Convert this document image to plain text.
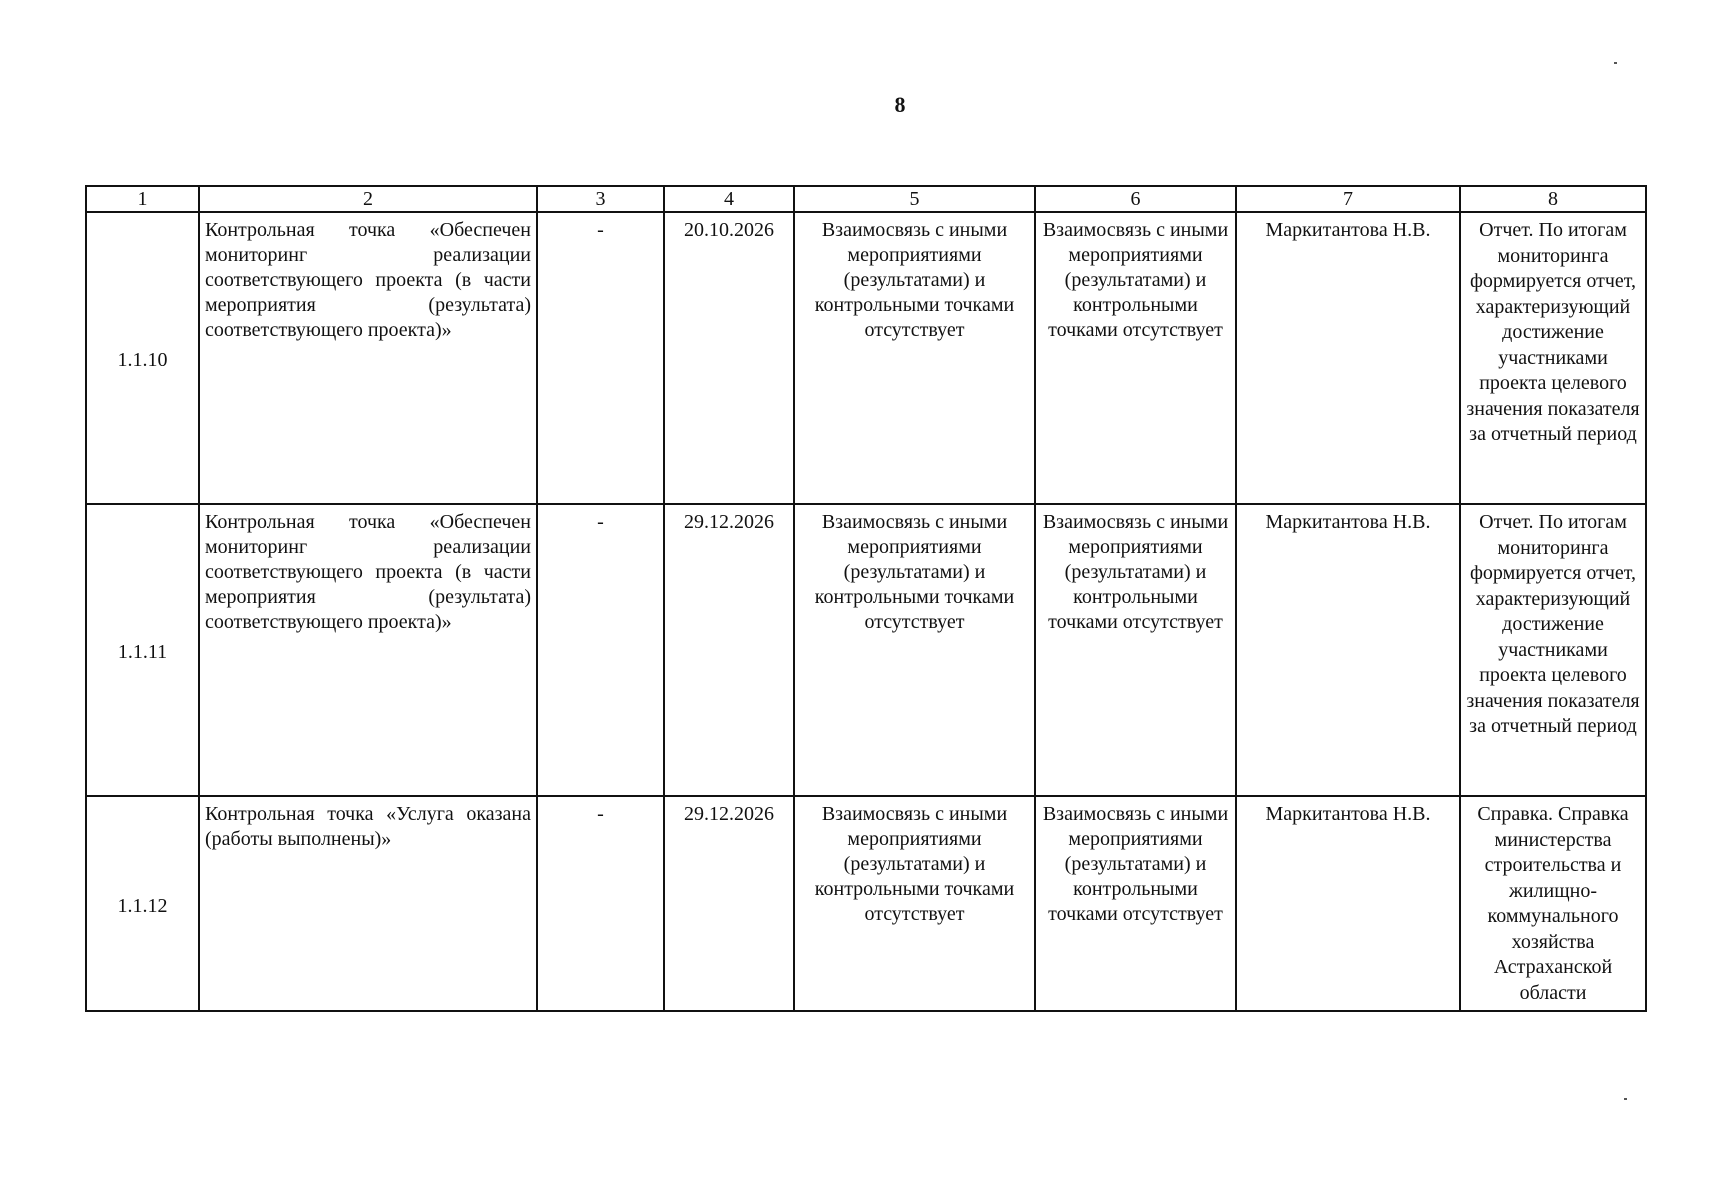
8
1	2	3	4	5	6	7	8
1.1.10	Контрольная точка «Обеспечен мониторинг реализации соответствующего проекта (в части мероприятия (результата) соответствующего проекта)»	-	20.10.2026	Взаимосвязь с иными мероприятиями (результатами) и контрольными точками отсутствует	Взаимосвязь с иными мероприятиями (результатами) и контрольными точками отсутствует	Маркитантова Н.В.	Отчет. По итогам мониторинга формируется отчет, характеризующий достижение участниками проекта целевого значения показателя за отчетный период
1.1.11	Контрольная точка «Обеспечен мониторинг реализации соответствующего проекта (в части мероприятия (результата) соответствующего проекта)»	-	29.12.2026	Взаимосвязь с иными мероприятиями (результатами) и контрольными точками отсутствует	Взаимосвязь с иными мероприятиями (результатами) и контрольными точками отсутствует	Маркитантова Н.В.	Отчет. По итогам мониторинга формируется отчет, характеризующий достижение участниками проекта целевого значения показателя за отчетный период
1.1.12	Контрольная точка «Услуга оказана (работы выполнены)»	-	29.12.2026	Взаимосвязь с иными мероприятиями (результатами) и контрольными точками отсутствует	Взаимосвязь с иными мероприятиями (результатами) и контрольными точками отсутствует	Маркитантова Н.В.	Справка. Справка министерства строительства и жилищно-коммунального хозяйства Астраханской области
